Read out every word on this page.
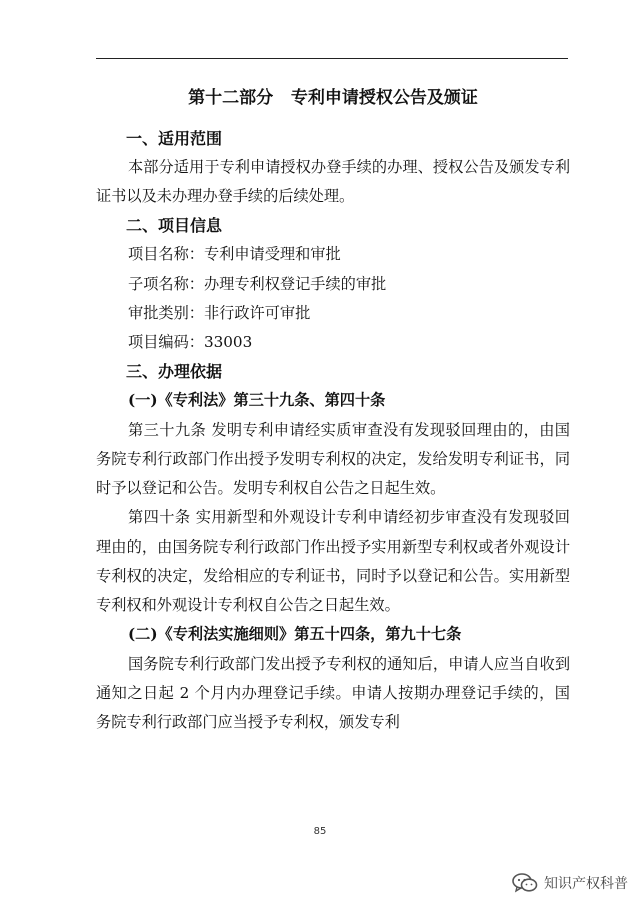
第十二部分   专利申请授权公告及颁证
一、适用范围

本部分适用于专利申请授权办登手续的办理、授权公告及颁发专利证书以及未办理办登手续的后续处理。

二、项目信息
项目名称：专利申请受理和审批
子项名称：办理专利权登记手续的审批
审批类别：非行政许可审批
项目编码：33003
三、办理依据
(一)《专利法》第三十九条、第四十条

第三十九条 发明专利申请经实质审查没有发现驳回理由的，由国务院专利行政部门作出授予发明专利权的决定，发给发明专利证书，同时予以登记和公告。发明专利权自公告之日起生效。

第四十条 实用新型和外观设计专利申请经初步审查没有发现驳回理由的，由国务院专利行政部门作出授予实用新型专利权或者外观设计专利权的决定，发给相应的专利证书，同时予以登记和公告。实用新型专利权和外观设计专利权自公告之日起生效。

(二)《专利法实施细则》第五十四条，第九十七条

国务院专利行政部门发出授予专利权的通知后，申请人应当自收到通知之日起 2 个月内办理登记手续。申请人按期办理登记手续的，国务院专利行政部门应当授予专利权，颁发专利

85
知识产权科普
